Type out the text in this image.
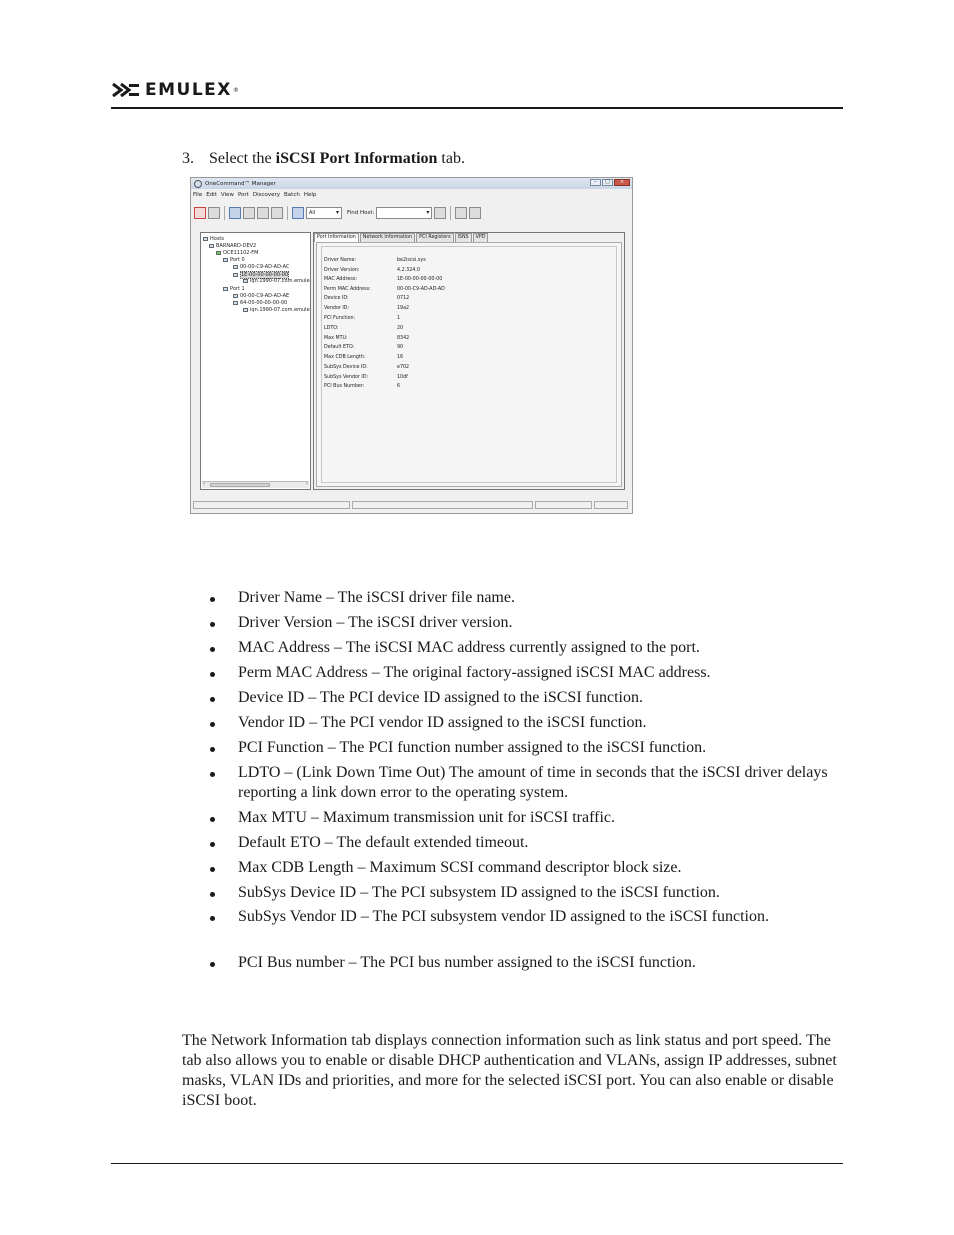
EMULEX ®
3. Select the iSCSI Port Information tab.
OneCommand™ Manager	–	□	×
File Edit View Port Discovery Batch Help
All ▾	Find Host:
▾
Hosts
BARNARD-DEV2
OCE11102-FM
Port 0
00-00-C9-AD-AD-AC
1E-00-00-00-00-00
iqn.1990-07.com.emule
Port 1
00-00-C9-AD-AD-AE
64-00-00-00-00-00
iqn.1990-07.com.emule
‹	›
Port Information	Network Information	PCI Registers	iSNS	VPD
Driver Name:	be2iscsi.sys
Driver Version:	4.2.324.0
MAC Address:	1E-00-00-00-00-00
Perm MAC Address:	00-00-C9-AD-AD-AD
Device ID:	0712
Vendor ID:	19a2
PCI Function:	1
LDTO:	20
Max MTU:	8342
Default ETO:	90
Max CDB Length:	16
SubSys Device ID:	e702
SubSys Vendor ID:	10df
PCI Bus Number:	6
Driver Name – The iSCSI driver file name.
Driver Version – The iSCSI driver version.
MAC Address – The iSCSI MAC address currently assigned to the port.
Perm MAC Address – The original factory-assigned iSCSI MAC address.
Device ID – The PCI device ID assigned to the iSCSI function.
Vendor ID – The PCI vendor ID assigned to the iSCSI function.
PCI Function – The PCI function number assigned to the iSCSI function.
LDTO – (Link Down Time Out) The amount of time in seconds that the iSCSI driver delays reporting a link down error to the operating system.
Max MTU – Maximum transmission unit for iSCSI traffic.
Default ETO – The default extended timeout.
Max CDB Length – Maximum SCSI command descriptor block size.
SubSys Device ID – The PCI subsystem ID assigned to the iSCSI function.
SubSys Vendor ID – The PCI subsystem vendor ID assigned to the iSCSI function.
PCI Bus number – The PCI bus number assigned to the iSCSI function.
The Network Information tab displays connection information such as link status and port speed. The tab also allows you to enable or disable DHCP authentication and VLANs, assign IP addresses, subnet masks, VLAN IDs and priorities, and more for the selected iSCSI port. You can also enable or disable iSCSI boot.
